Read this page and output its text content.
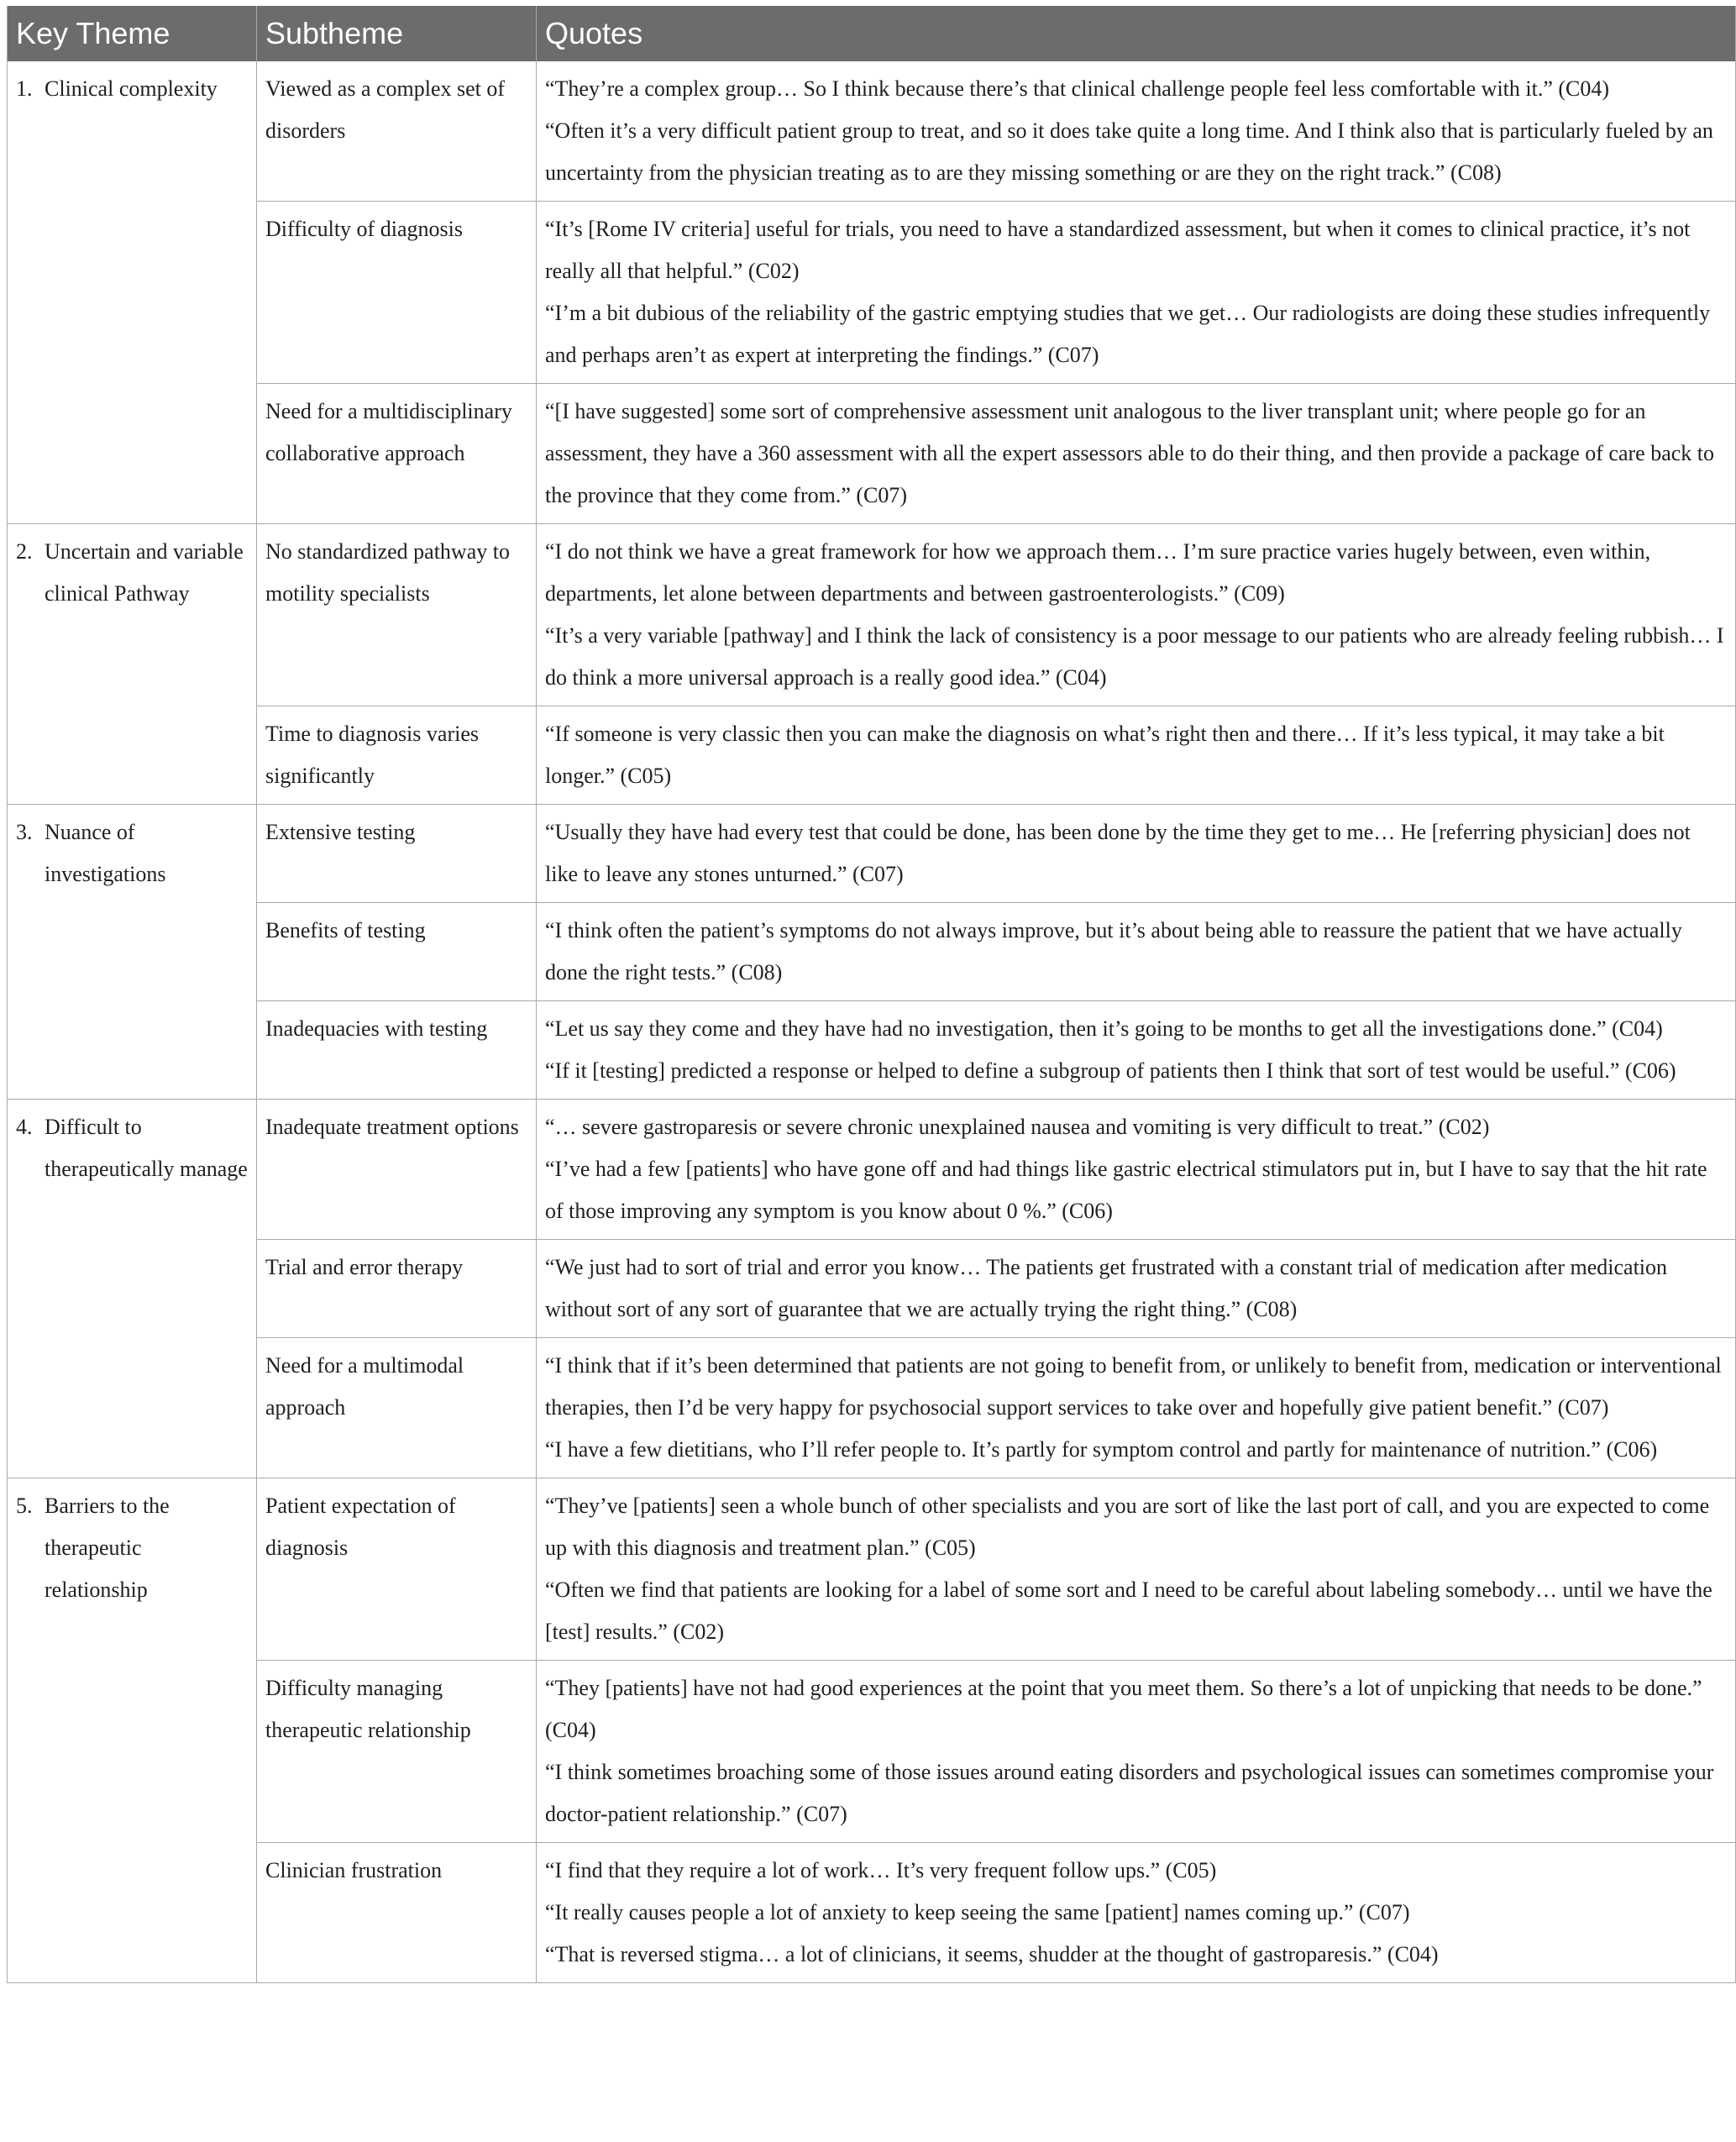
Key Theme	Subtheme	Quotes

1. Clinical complexity	Viewed as a complex set of disorders	“They’re a complex group… So I think because there’s that clinical challenge people feel less comfortable with it.” (C04)
“Often it’s a very difficult patient group to treat, and so it does take quite a long time. And I think also that is particularly fueled by an uncertainty from the physician treating as to are they missing something or are they on the right track.” (C08)

	Difficulty of diagnosis	“It’s [Rome IV criteria] useful for trials, you need to have a standardized assessment, but when it comes to clinical practice, it’s not really all that helpful.” (C02)
“I’m a bit dubious of the reliability of the gastric emptying studies that we get… Our radiologists are doing these studies infrequently and perhaps aren’t as expert at interpreting the findings.” (C07)

	Need for a multidisciplinary collaborative approach	“[I have suggested] some sort of comprehensive assessment unit analogous to the liver transplant unit; where people go for an assessment, they have a 360 assessment with all the expert assessors able to do their thing, and then provide a package of care back to the province that they come from.” (C07)

2. Uncertain and variable clinical Pathway	No standardized pathway to motility specialists	“I do not think we have a great framework for how we approach them… I’m sure practice varies hugely between, even within, departments, let alone between departments and between gastroenterologists.” (C09)
“It’s a very variable [pathway] and I think the lack of consistency is a poor message to our patients who are already feeling rubbish… I do think a more universal approach is a really good idea.” (C04)

	Time to diagnosis varies significantly	“If someone is very classic then you can make the diagnosis on what’s right then and there… If it’s less typical, it may take a bit longer.” (C05)

3. Nuance of investigations	Extensive testing	“Usually they have had every test that could be done, has been done by the time they get to me… He [referring physician] does not like to leave any stones unturned.” (C07)

	Benefits of testing	“I think often the patient’s symptoms do not always improve, but it’s about being able to reassure the patient that we have actually done the right tests.” (C08)

	Inadequacies with testing	“Let us say they come and they have had no investigation, then it’s going to be months to get all the investigations done.” (C04)
“If it [testing] predicted a response or helped to define a subgroup of patients then I think that sort of test would be useful.” (C06)

4. Difficult to therapeutically manage	Inadequate treatment options	“… severe gastroparesis or severe chronic unexplained nausea and vomiting is very difficult to treat.” (C02)
“I’ve had a few [patients] who have gone off and had things like gastric electrical stimulators put in, but I have to say that the hit rate of those improving any symptom is you know about 0 %.” (C06)

	Trial and error therapy	“We just had to sort of trial and error you know… The patients get frustrated with a constant trial of medication after medication without sort of any sort of guarantee that we are actually trying the right thing.” (C08)

	Need for a multimodal approach	“I think that if it’s been determined that patients are not going to benefit from, or unlikely to benefit from, medication or interventional therapies, then I’d be very happy for psychosocial support services to take over and hopefully give patient benefit.” (C07)
“I have a few dietitians, who I’ll refer people to. It’s partly for symptom control and partly for maintenance of nutrition.” (C06)

5. Barriers to the therapeutic relationship	Patient expectation of diagnosis	“They’ve [patients] seen a whole bunch of other specialists and you are sort of like the last port of call, and you are expected to come up with this diagnosis and treatment plan.” (C05)
“Often we find that patients are looking for a label of some sort and I need to be careful about labeling somebody… until we have the [test] results.” (C02)

	Difficulty managing therapeutic relationship	“They [patients] have not had good experiences at the point that you meet them. So there’s a lot of unpicking that needs to be done.” (C04)
“I think sometimes broaching some of those issues around eating disorders and psychological issues can sometimes compromise your doctor-patient relationship.” (C07)

	Clinician frustration	“I find that they require a lot of work… It’s very frequent follow ups.” (C05)
“It really causes people a lot of anxiety to keep seeing the same [patient] names coming up.” (C07)
“That is reversed stigma… a lot of clinicians, it seems, shudder at the thought of gastroparesis.” (C04)
